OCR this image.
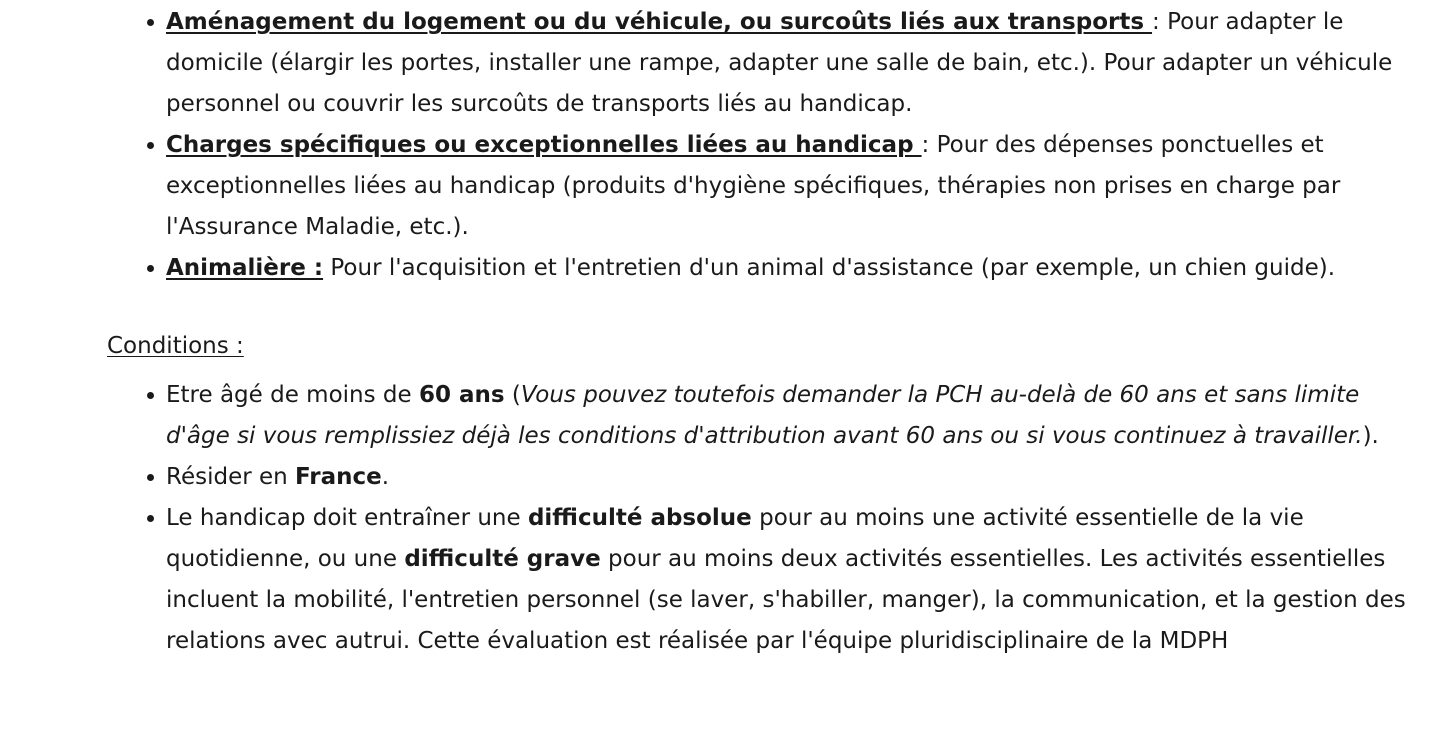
Aménagement du logement ou du véhicule, ou surcoûts liés aux transports : Pour adapter le domicile (élargir les portes, installer une rampe, adapter une salle de bain, etc.). Pour adapter un véhicule personnel ou couvrir les surcoûts de transports liés au handicap.
Charges spécifiques ou exceptionnelles liées au handicap : Pour des dépenses ponctuelles et exceptionnelles liées au handicap (produits d'hygiène spécifiques, thérapies non prises en charge par l'Assurance Maladie, etc.).
Animalière : Pour l'acquisition et l'entretien d'un animal d'assistance (par exemple, un chien guide).

Conditions :

Etre âgé de moins de 60 ans (Vous pouvez toutefois demander la PCH au-delà de 60 ans et sans limite d'âge si vous remplissiez déjà les conditions d'attribution avant 60 ans ou si vous continuez à travailler.).
Résider en France.
Le handicap doit entraîner une difficulté absolue pour au moins une activité essentielle de la vie quotidienne, ou une difficulté grave pour au moins deux activités essentielles. Les activités essentielles incluent la mobilité, l'entretien personnel (se laver, s'habiller, manger), la communication, et la gestion des relations avec autrui. Cette évaluation est réalisée par l'équipe pluridisciplinaire de la MDPH
